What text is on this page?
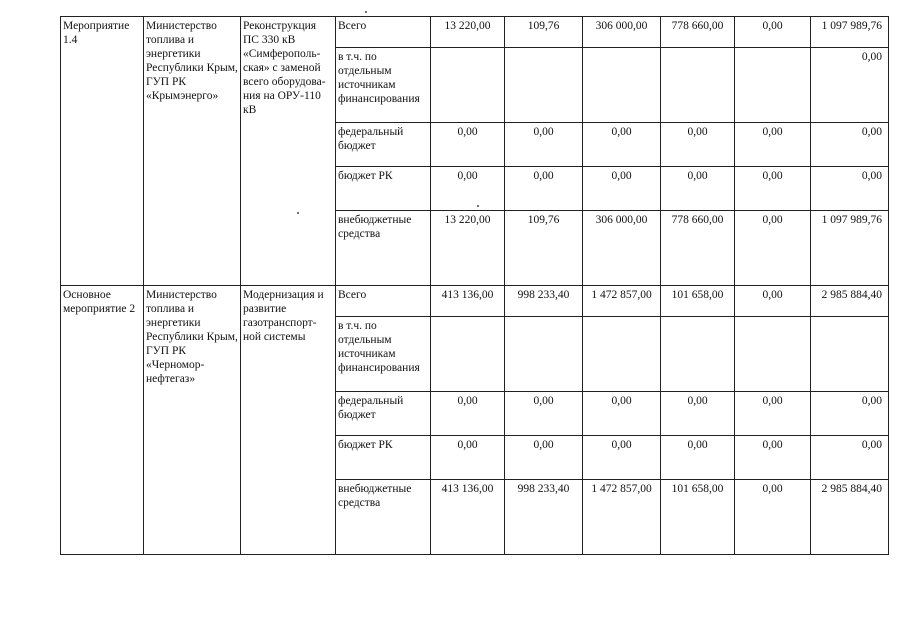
Мероприятие 1.4	Министерство топлива и энергетики Республики Крым, ГУП РК «Крымэнерго»	Реконструкция ПС 330 кВ «Симферополь-ская» с заменой всего оборудова-ния на ОРУ-110 кВ	Всего	13 220,00	109,76	306 000,00	778 660,00	0,00	1 097 989,76
			в т.ч. по отдельным источникам финансирования						0,00
			федеральный бюджет	0,00	0,00	0,00	0,00	0,00	0,00
			бюджет РК	0,00	0,00	0,00	0,00	0,00	0,00
			внебюджетные средства	13 220,00	109,76	306 000,00	778 660,00	0,00	1 097 989,76
Основное мероприятие 2	Министерство топлива и энергетики Республики Крым, ГУП РК «Черномор-нефтегаз»	Модернизация и развитие газотранспорт-ной системы	Всего	413 136,00	998 233,40	1 472 857,00	101 658,00	0,00	2 985 884,40
			в т.ч. по отдельным источникам финансирования						
			федеральный бюджет	0,00	0,00	0,00	0,00	0,00	0,00
			бюджет РК	0,00	0,00	0,00	0,00	0,00	0,00
			внебюджетные средства	413 136,00	998 233,40	1 472 857,00	101 658,00	0,00	2 985 884,40
